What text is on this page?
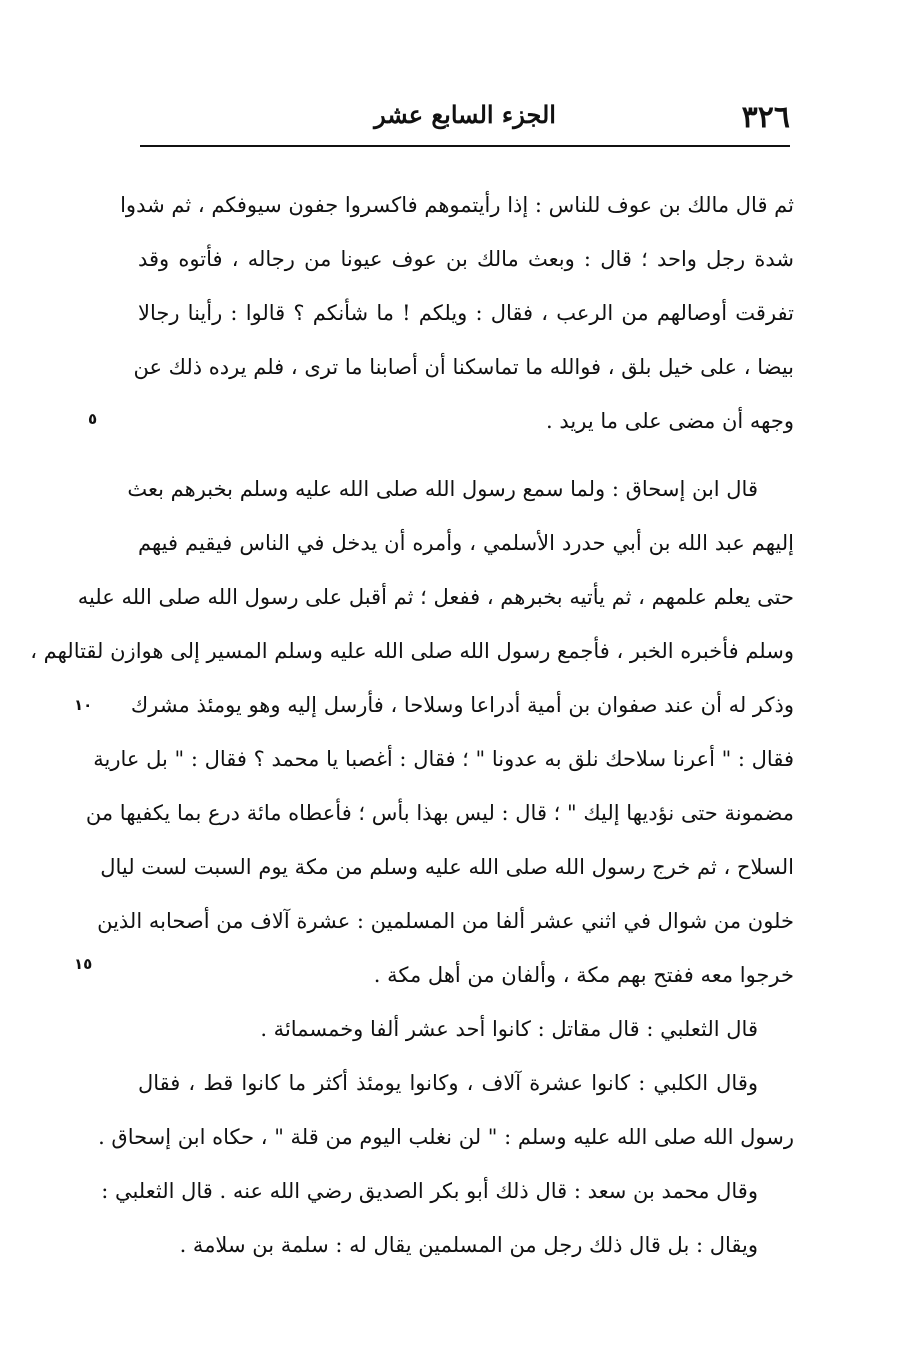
٣٢٦
الجزء السابع عشر
ثم قال مالك بن عوف للناس : إذا رأيتموهم فاكسروا جفون سيوفكم ، ثم شدوا
شدة رجل واحد ؛ قال : وبعث مالك بن عوف عيونا من رجاله ، فأتوه وقد
تفرقت أوصالهم من الرعب ، فقال : ويلكم ! ما شأنكم ؟ قالوا : رأينا رجالا
بيضا ، على خيل بلق ، فوالله ما تماسكنا أن أصابنا ما ترى ، فلم يرده ذلك عن
وجهه أن مضى على ما يريد .
قال ابن إسحاق : ولما سمع رسول الله صلى الله عليه وسلم بخبرهم بعث
إليهم عبد الله بن أبي حدرد الأسلمي ، وأمره أن يدخل في الناس فيقيم فيهم
حتى يعلم علمهم ، ثم يأتيه بخبرهم ، ففعل ؛ ثم أقبل على رسول الله صلى الله عليه
وسلم فأخبره الخبر ، فأجمع رسول الله صلى الله عليه وسلم المسير إلى هوازن لقتالهم ،
وذكر له أن عند صفوان بن أمية أدراعا وسلاحا ، فأرسل إليه وهو يومئذ مشرك
فقال : " أعرنا سلاحك نلق به عدونا " ؛ فقال : أغصبا يا محمد ؟ فقال : " بل عارية
مضمونة حتى نؤديها إليك " ؛ قال : ليس بهذا بأس ؛ فأعطاه مائة درع بما يكفيها من
السلاح ، ثم خرج رسول الله صلى الله عليه وسلم من مكة يوم السبت لست ليال
خلون من شوال في اثني عشر ألفا من المسلمين : عشرة آلاف من أصحابه الذين
خرجوا معه ففتح بهم مكة ، وألفان من أهل مكة .
قال الثعلبي : قال مقاتل : كانوا أحد عشر ألفا وخمسمائة .
وقال الكلبي : كانوا عشرة آلاف ، وكانوا يومئذ أكثر ما كانوا قط ، فقال
رسول الله صلى الله عليه وسلم : " لن نغلب اليوم من قلة " ، حكاه ابن إسحاق .
وقال محمد بن سعد : قال ذلك أبو بكر الصديق رضي الله عنه . قال الثعلبي :
ويقال : بل قال ذلك رجل من المسلمين يقال له : سلمة بن سلامة .
٥
١٠
١٥
